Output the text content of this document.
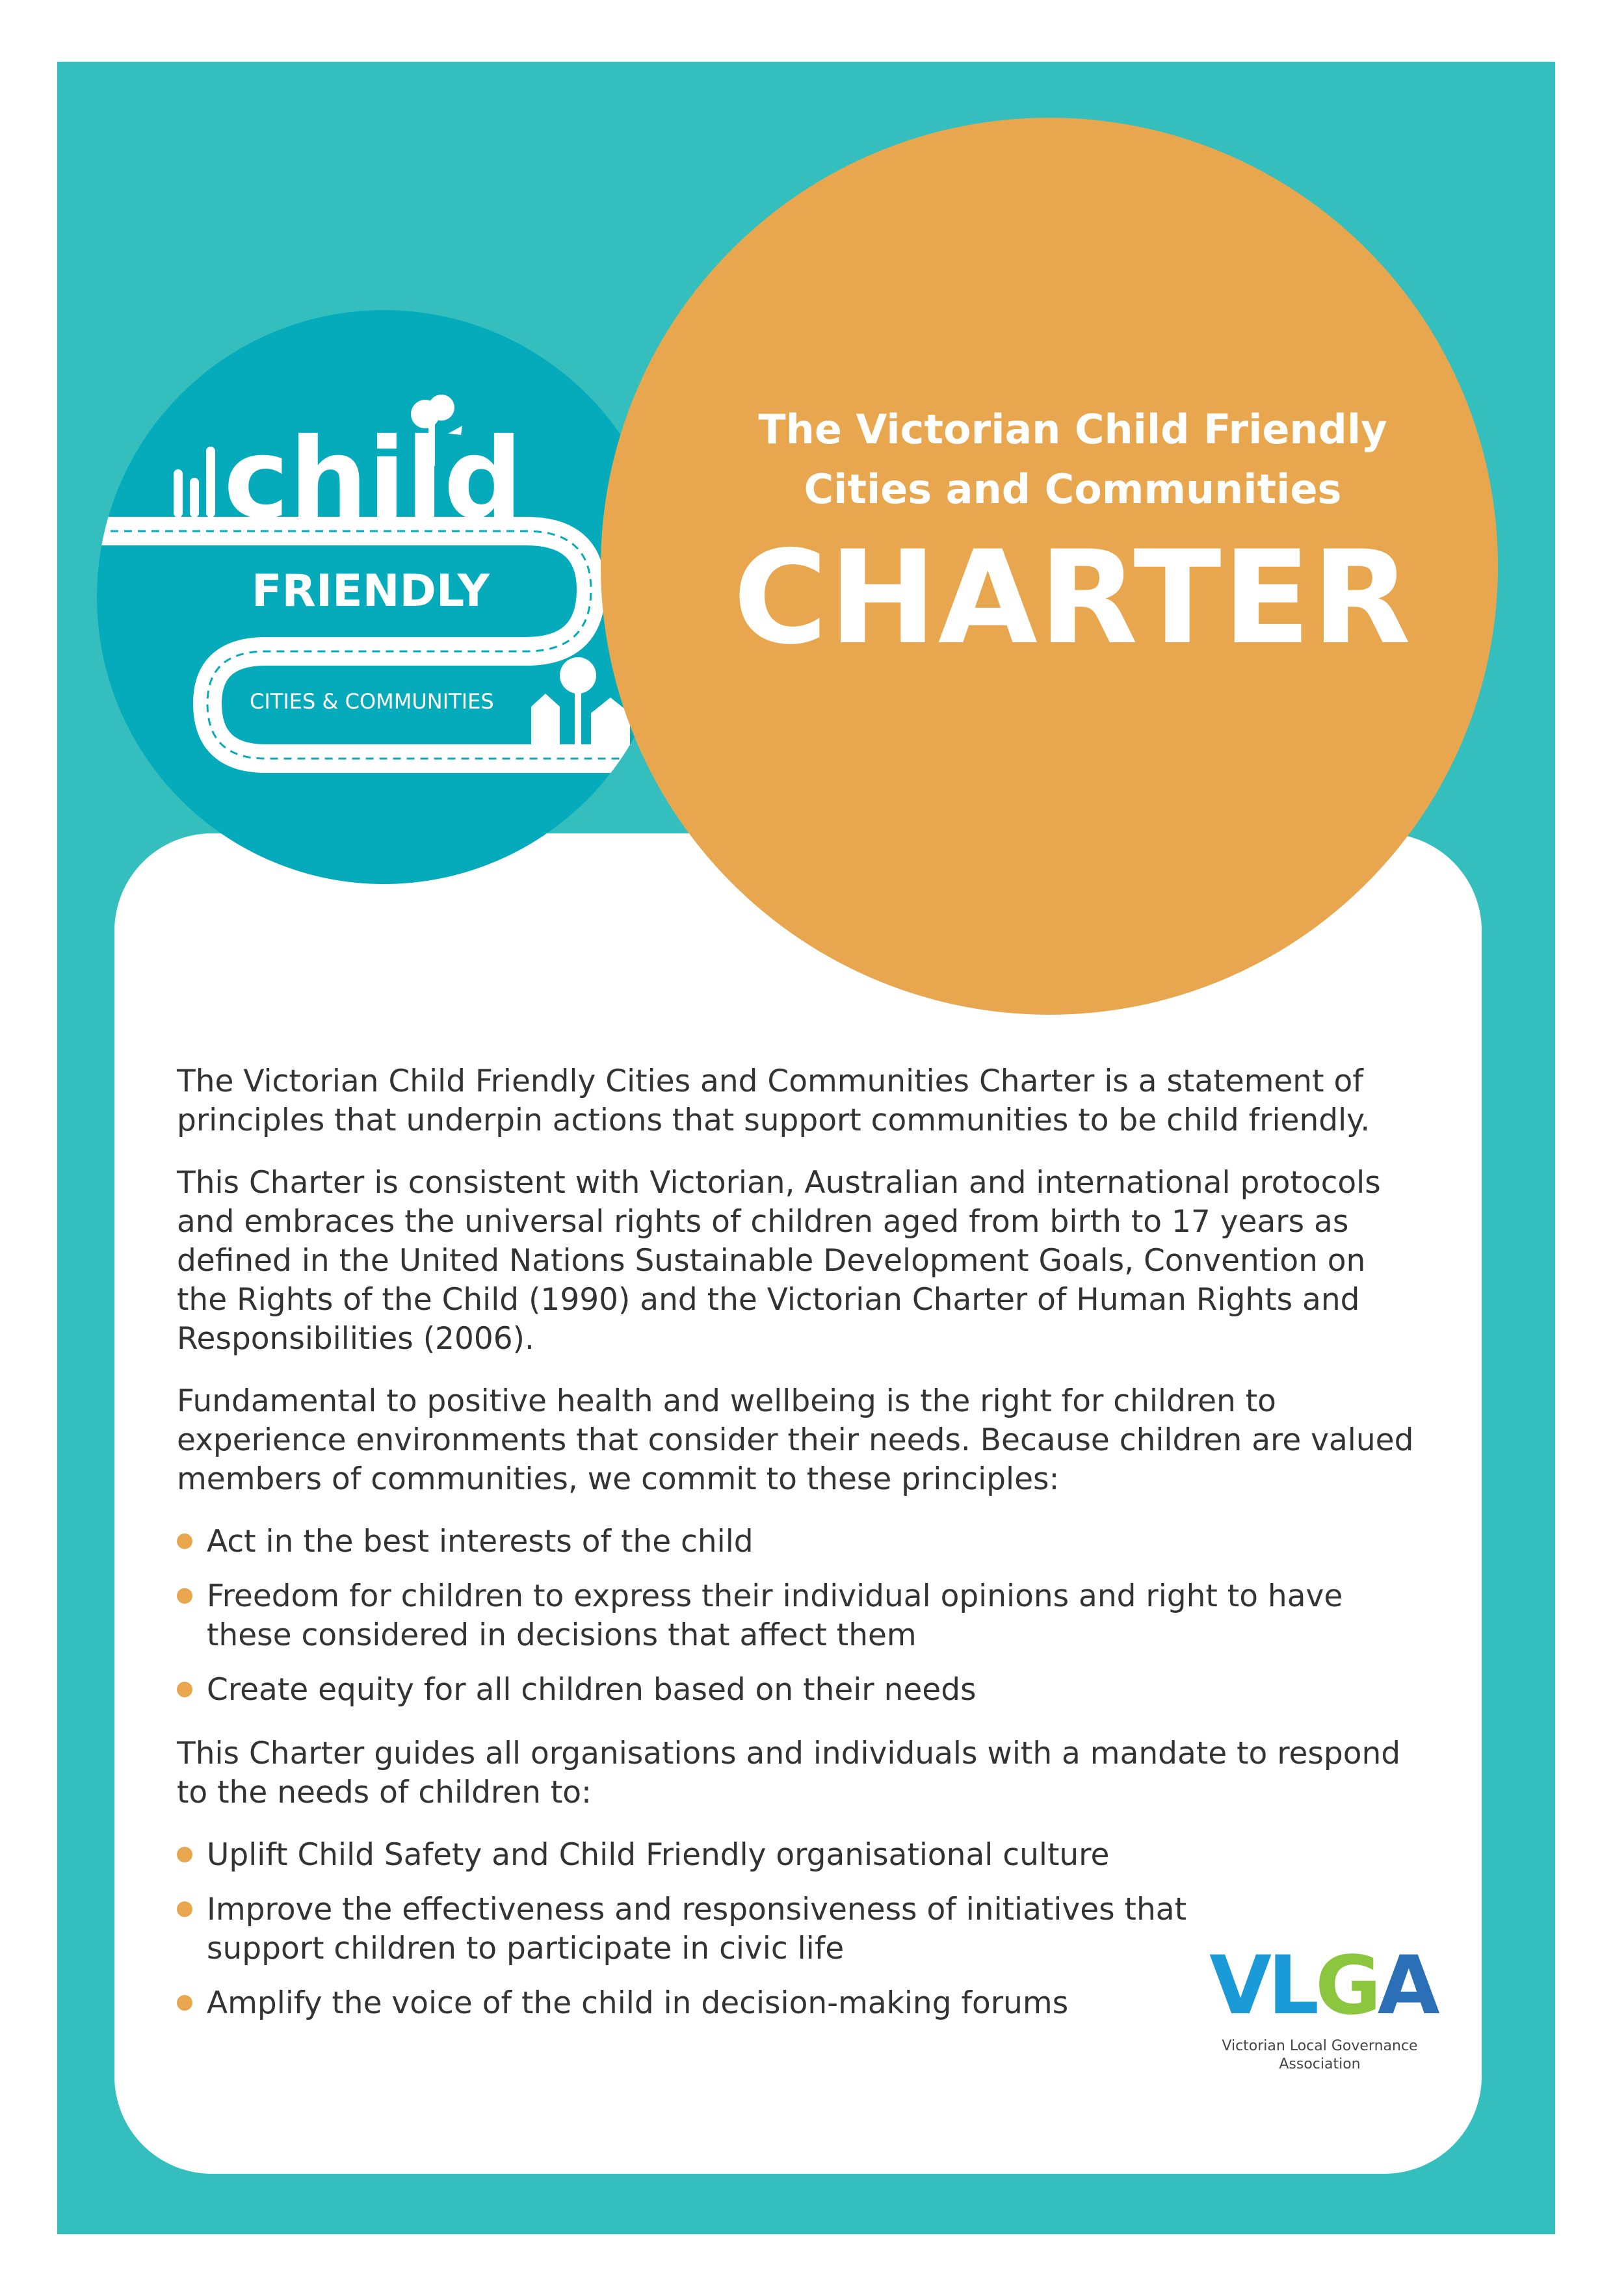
child
FRIENDLY
CITIES & COMMUNITIES

The Victorian Child Friendly
Cities and Communities

CHARTER

The Victorian Child Friendly Cities and Communities Charter is a statement of principles that underpin actions that support communities to be child friendly.

This Charter is consistent with Victorian, Australian and international protocols and embraces the universal rights of children aged from birth to 17 years as defined in the United Nations Sustainable Development Goals, Convention on the Rights of the Child (1990) and the Victorian Charter of Human Rights and Responsibilities (2006).

Fundamental to positive health and wellbeing is the right for children to experience environments that consider their needs. Because children are valued members of communities, we commit to these principles:

Act in the best interests of the child
Freedom for children to express their individual opinions and right to have these considered in decisions that affect them
Create equity for all children based on their needs

This Charter guides all organisations and individuals with a mandate to respond to the needs of children to:

Uplift Child Safety and Child Friendly organisational culture
Improve the effectiveness and responsiveness of initiatives that support children to participate in civic life
Amplify the voice of the child in decision-making forums	V L G A
Victorian Local Governance Association
